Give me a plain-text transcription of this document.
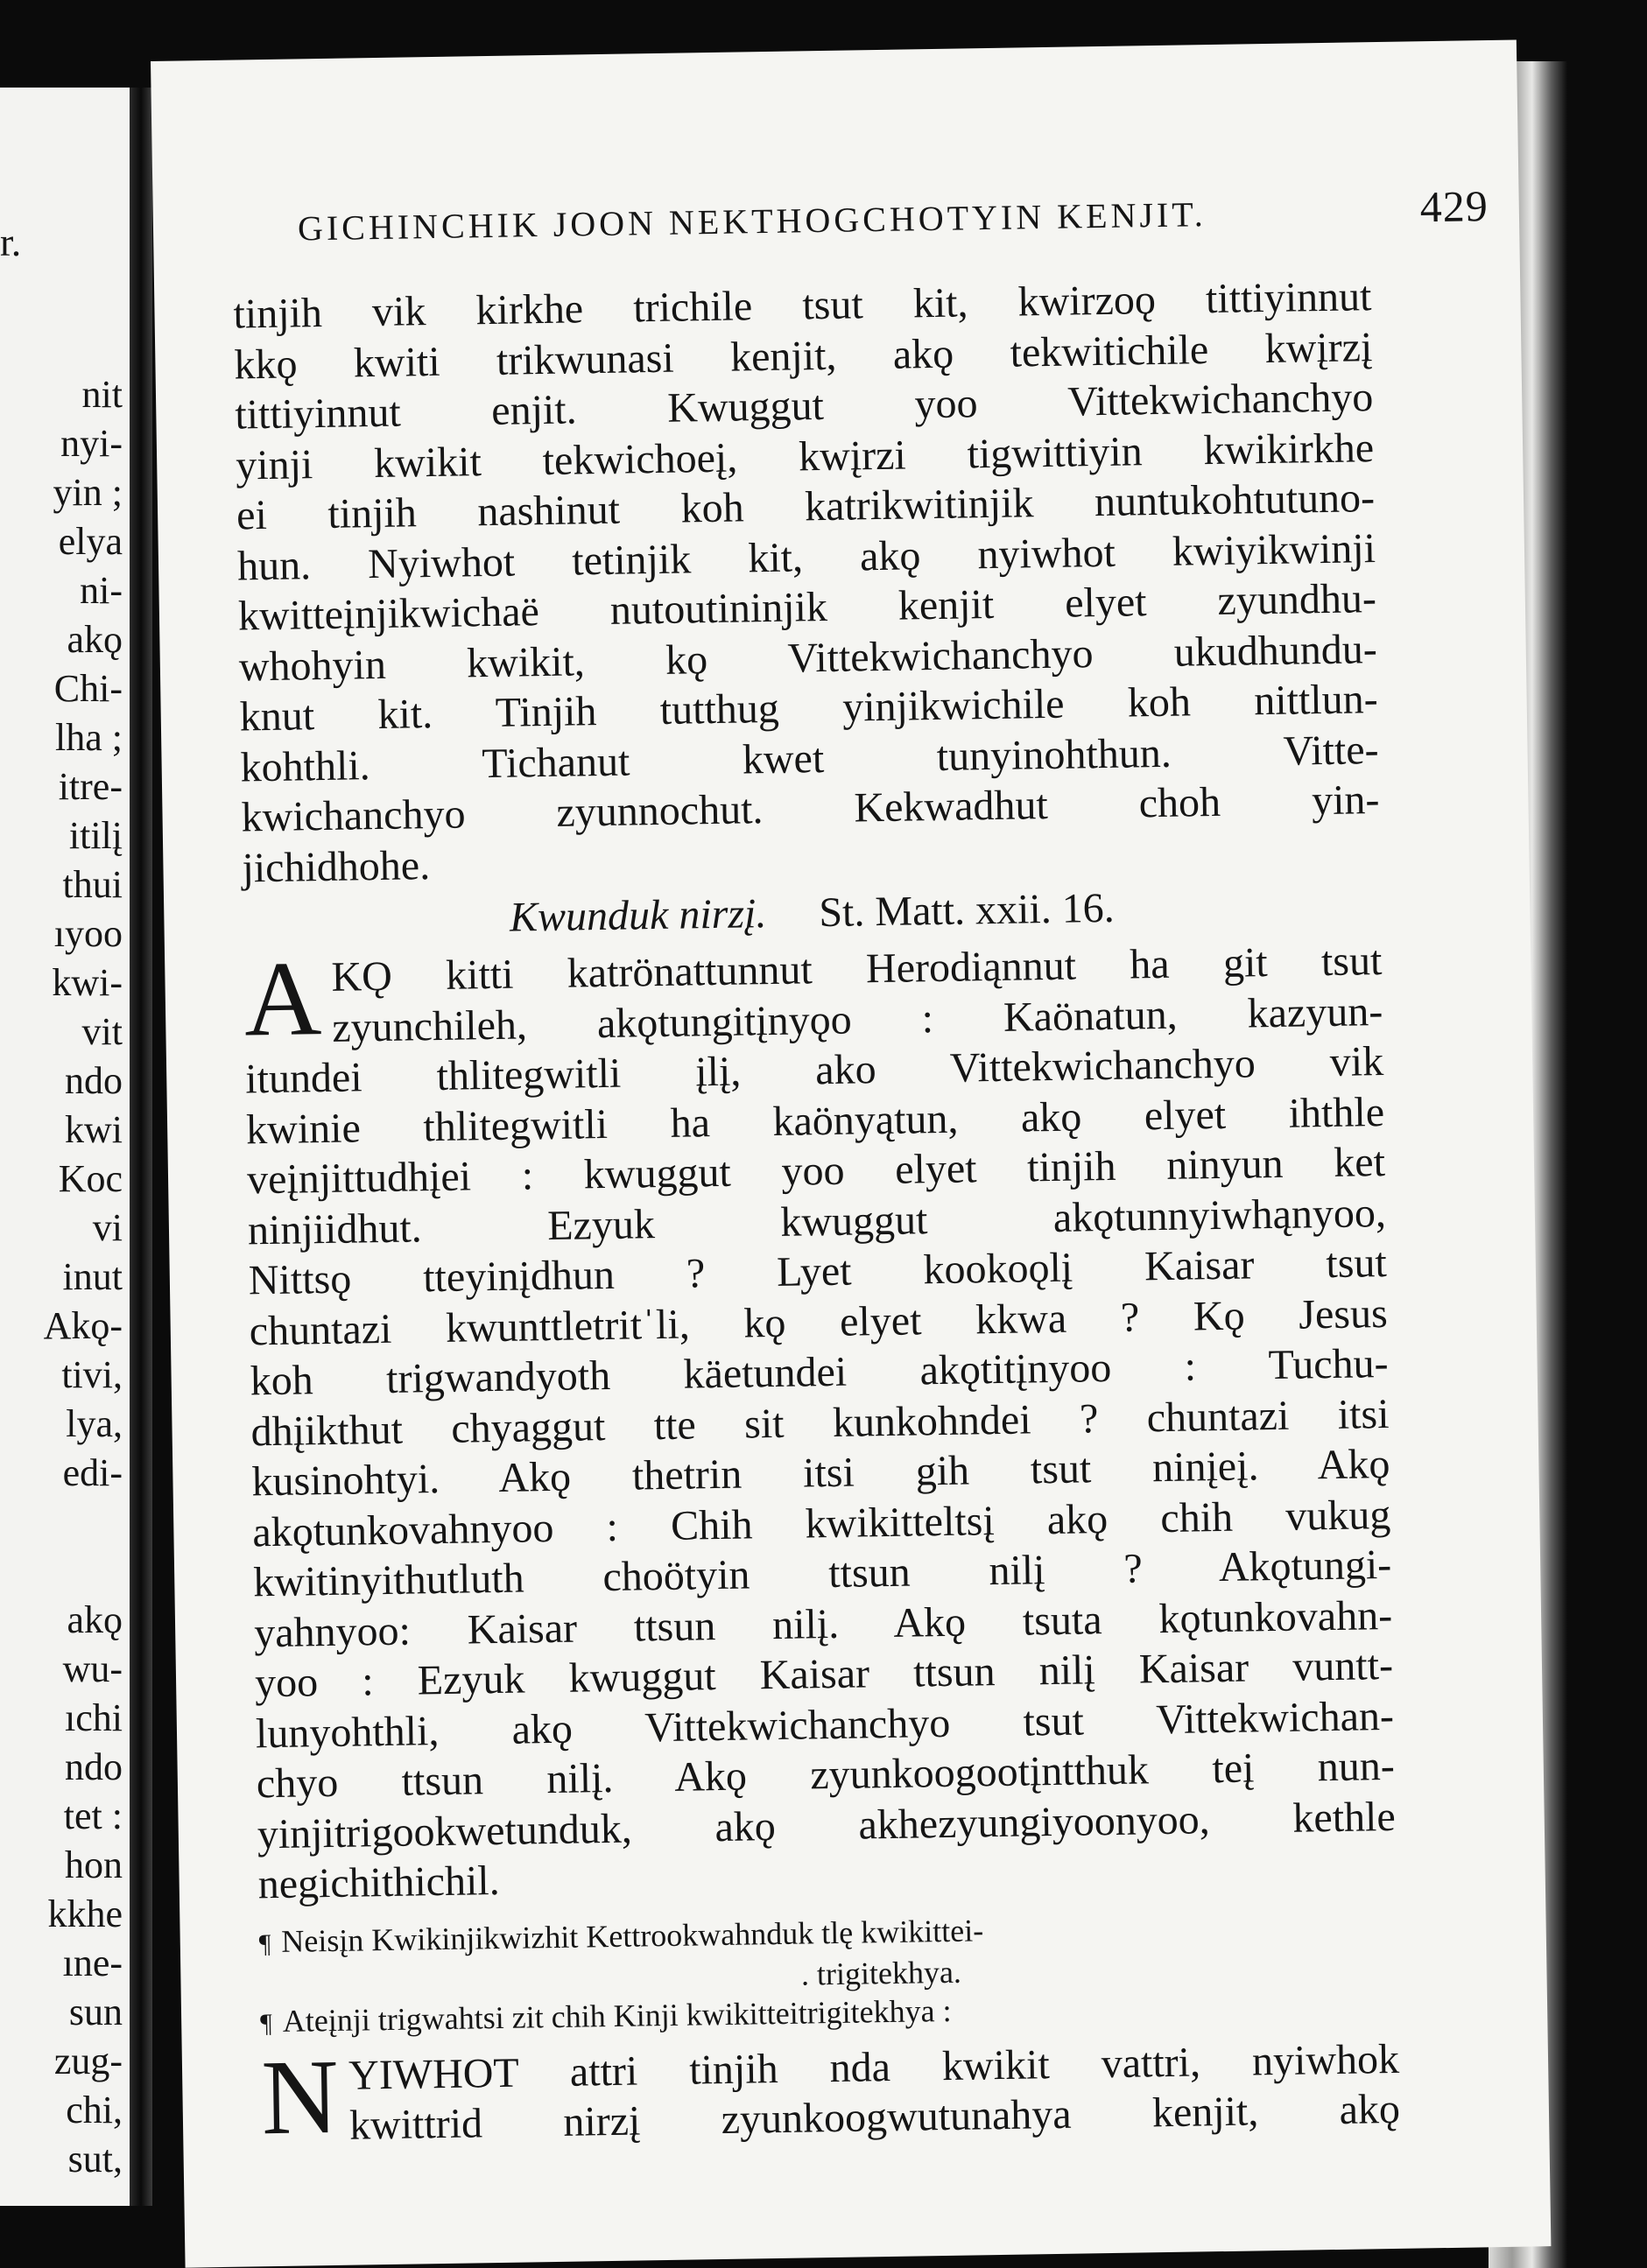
r.
nit
nyi-
yin ;
elya
ni-
akǫ
Chi-
lha ;
itre-
itilį
thui
ıyoo
kwi-
vit
ndo
kwi
Koc
vi
inut
Akǫ-
tivi,
lya,
edi-
akǫ
wu-
ıchi
ndo
tet :
hon
kkhe
ıne-
sun
zug-
chi,
sut,
GICHINCHIK JOON NEKTHOGCHOTYIN KENJIT.	429
tinjih vik kirkhe trichile tsut kit, kwirzoǫ tittiyinnut
kkǫ kwiti trikwunasi kenjit, akǫ tekwitichile kwįrzį
tittiyinnut enjit. Kwuggut yoo Vittekwichanchyo
yinji kwikit tekwichoeį, kwįrzi tigwittiyin kwikirkhe
ei tinjih nashinut koh katrikwitinjik nuntukohtutuno-
hun. Nyiwhot tetinjik kit, akǫ nyiwhot kwiyikwinji
kwitteįnjikwichaë nutoutininjik kenjit elyet zyundhu-
whohyin kwikit, kǫ Vittekwichanchyo ukudhundu-
knut kit. Tinjih tutthug yinjikwichile koh nittlun-
kohthli. Tichanut kwet tunyinohthun. Vitte-
kwichanchyo zyunnochut. Kekwadhut choh yin-
jichidhohe.
Kwunduk nirzį. St. Matt. xxii. 16.
A KǪ kitti katrönattunnut Herodiąnnut ha git tsut
zyunchileh, akǫtungitįnyǫo : Kaönatun, kazyun-
itundei thlitegwitli įlį, ako Vittekwichanchyo vik
kwinie thlitegwitli ha kaönyątun, akǫ elyet ihthle
veįnjittudhįei : kwuggut yoo elyet tinjih ninyun ket
ninjiidhut. Ezyuk kwuggut akǫtunnyiwhąnyoo,
Nittsǫ tteyinįdhun ? Lyet kookoǫlį Kaisar tsut
chuntazi kwunttletritˈli, kǫ elyet kkwa ? Kǫ Jesus
koh trigwandyoth käetundei akǫtitįnyoo : Tuchu-
dhįikthut chyaggut tte sit kunkohndei ? chuntazi itsi
kusinohtyi. Akǫ thetrin itsi gih tsut ninįeį. Akǫ
akǫtunkovahnyoo : Chih kwikitteltsį akǫ chih vukug
kwitinyithutluth choötyin ttsun nilį ? Akǫtungi-
yahnyoo: Kaisar ttsun nilį. Akǫ tsuta kǫtunkovahn-
yoo : Ezyuk kwuggut Kaisar ttsun nilį Kaisar vuntt-
lunyohthli, akǫ Vittekwichanchyo tsut Vittekwichan-
chyo ttsun nilį. Akǫ zyunkoogootįntthuk teį nun-
yinjitrigookwetunduk, akǫ akhezyungiyoonyoo, kethle
negichithichil.
¶ Neisįn Kwikinjikwizhit Kettrookwahnduk tlę kwikittei-
. trigitekhya.
¶ Ateįnji trigwahtsi zit chih Kinji kwikitteitrigitekhya :
N YIWHOT attri tinjih nda kwikit vattri, nyiwhok
kwittrid nirzį zyunkoogwutunahya kenjit, akǫ
